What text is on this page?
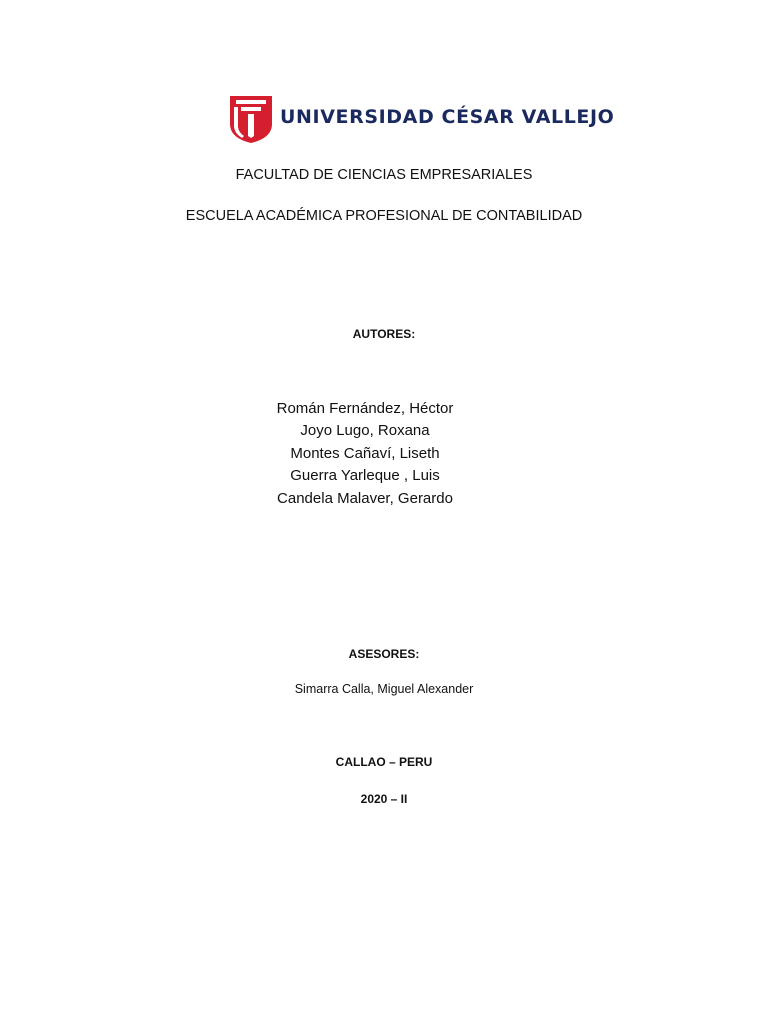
UNIVERSIDAD CÉSAR VALLEJO
FACULTAD DE CIENCIAS EMPRESARIALES
ESCUELA ACADÉMICA PROFESIONAL DE CONTABILIDAD
AUTORES:
Román Fernández, Héctor
Joyo Lugo, Roxana
Montes Cañaví, Liseth
Guerra Yarleque , Luis
Candela Malaver, Gerardo
ASESORES:
Simarra Calla, Miguel Alexander
CALLAO – PERU
2020 – II
